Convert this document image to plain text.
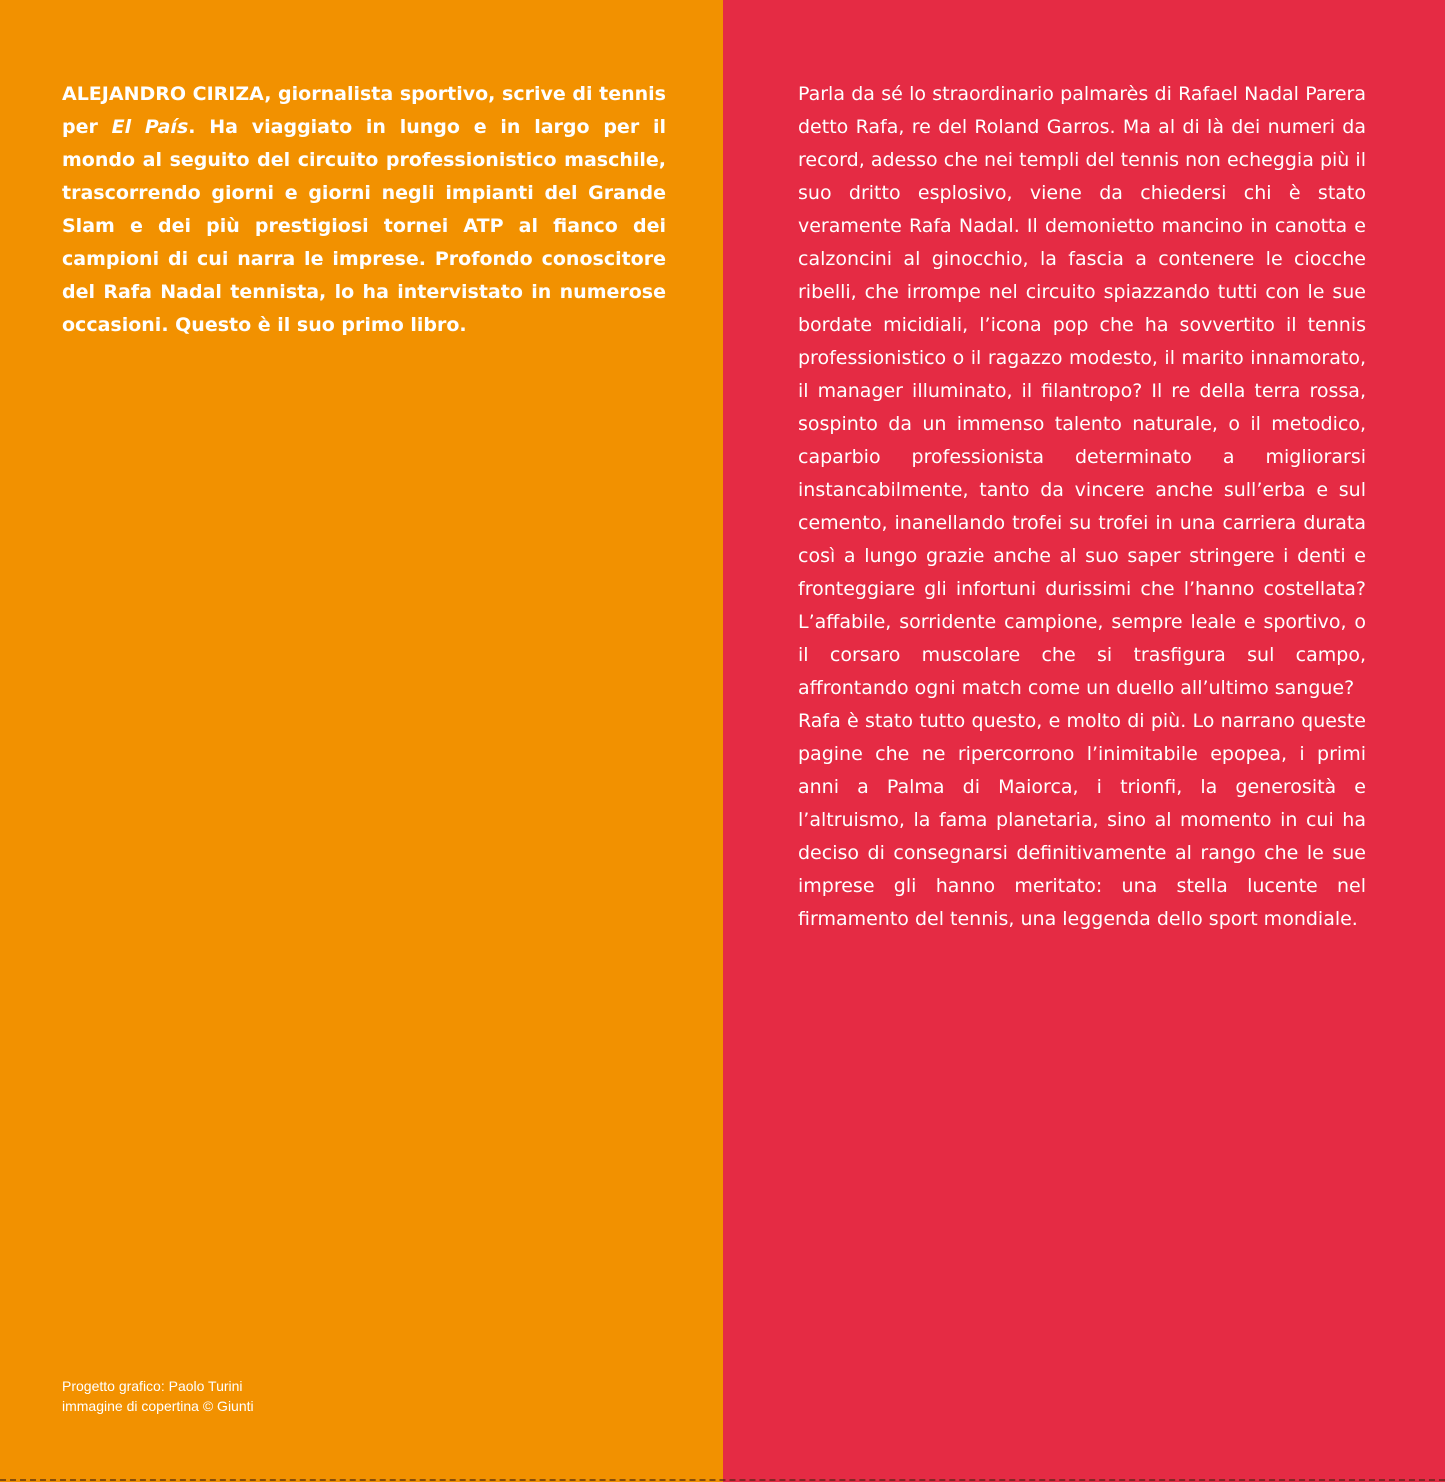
ALEJANDRO CIRIZA, giornalista sportivo, scrive di tennis per El País. Ha viaggiato in lungo e in largo per il mondo al seguito del circuito professionistico maschile, trascorrendo giorni e giorni negli impianti del Grande Slam e dei più prestigiosi tornei ATP al fianco dei campioni di cui narra le imprese. Profondo conoscitore del Rafa Nadal tennista, lo ha intervistato in numerose occasioni. Questo è il suo primo libro.

Progetto grafico: Paolo Turini
immagine di copertina © Giunti

Parla da sé lo straordinario palmarès di Rafael Nadal Parera detto Rafa, re del Roland Garros. Ma al di là dei numeri da record, adesso che nei templi del tennis non echeggia più il suo dritto esplosivo, viene da chiedersi chi è stato veramente Rafa Nadal. Il demonietto mancino in canotta e calzoncini al ginocchio, la fascia a contenere le ciocche ribelli, che irrompe nel circuito spiazzando tutti con le sue bordate micidiali, l’icona pop che ha sovvertito il tennis professionistico o il ragazzo modesto, il marito innamorato, il manager illuminato, il filantropo? Il re della terra rossa, sospinto da un immenso talento naturale, o il metodico, caparbio professionista determinato a migliorarsi instancabilmente, tanto da vincere anche sull’erba e sul cemento, inanellando trofei su trofei in una carriera durata così a lungo grazie anche al suo saper stringere i denti e fronteggiare gli infortuni durissimi che l’hanno costellata? L’affabile, sorridente campione, sempre leale e sportivo, o il corsaro muscolare che si trasfigura sul campo, affrontando ogni match come un duello all’ultimo sangue?

Rafa è stato tutto questo, e molto di più. Lo narrano queste pagine che ne ripercorrono l’inimitabile epopea, i primi anni a Palma di Maiorca, i trionfi, la generosità e l’altruismo, la fama planetaria, sino al momento in cui ha deciso di consegnarsi definitivamente al rango che le sue imprese gli hanno meritato: una stella lucente nel firmamento del tennis, una leggenda dello sport mondiale.
